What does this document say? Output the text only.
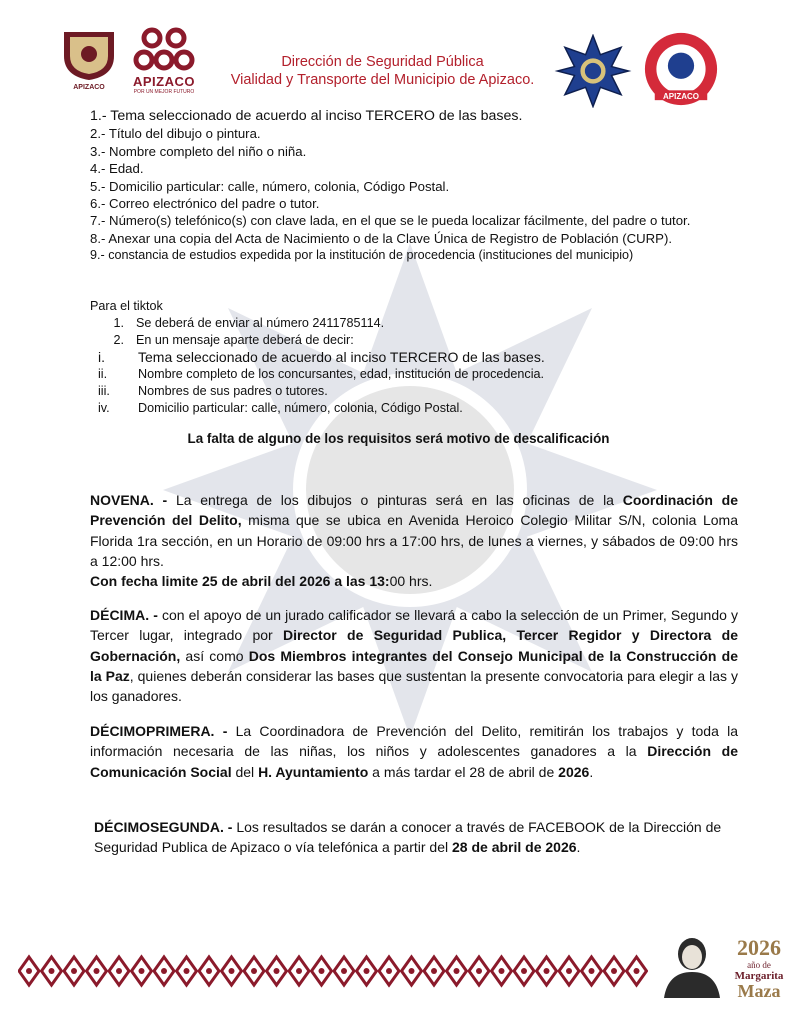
APIZACO	APIZACO
POR UN MEJOR FUTURO
Dirección de Seguridad Pública
Vialidad y Transporte del Municipio de Apizaco.
APIZACO
1.- Tema seleccionado de acuerdo al inciso TERCERO de las bases.
2.- Título del dibujo o pintura.
3.- Nombre completo del niño o niña.
4.- Edad.
5.- Domicilio particular: calle, número, colonia, Código Postal.
6.- Correo electrónico del padre o tutor.
7.- Número(s) telefónico(s) con clave lada, en el que se le pueda localizar fácilmente, del padre o tutor.
8.- Anexar una copia del Acta de Nacimiento o de la Clave Única de Registro de Población (CURP).
9.- constancia de estudios expedida por la institución de procedencia (instituciones del municipio)
Para el tiktok
1. Se deberá de enviar al número 2411785114.
2. En un mensaje aparte deberá de decir:
i.	Tema seleccionado de acuerdo al inciso TERCERO de las bases.
ii.	Nombre completo de los concursantes, edad, institución de procedencia.
iii.	Nombres de sus padres o tutores.
iv.	Domicilio particular: calle, número, colonia, Código Postal.
La falta de alguno de los requisitos será motivo de descalificación
NOVENA. - La entrega de los dibujos o pinturas será en las oficinas de la Coordinación de Prevención del Delito, misma que se ubica en Avenida Heroico Colegio Militar S/N, colonia Loma Florida 1ra sección, en un Horario de 09:00 hrs a 17:00 hrs, de lunes a viernes, y sábados de 09:00 hrs a 12:00 hrs.
Con fecha limite 25 de abril del 2026 a las 13:00 hrs.
DÉCIMA. - con el apoyo de un jurado calificador se llevará a cabo la selección de un Primer, Segundo y Tercer lugar, integrado por Director de Seguridad Publica, Tercer Regidor y Directora de Gobernación, así como Dos Miembros integrantes del Consejo Municipal de la Construcción de la Paz, quienes deberán considerar las bases que sustentan la presente convocatoria para elegir a las y los ganadores.
DÉCIMOPRIMERA. - La Coordinadora de Prevención del Delito, remitirán los trabajos y toda la información necesaria de las niñas, los niños y adolescentes ganadores a la Dirección de Comunicación Social del H. Ayuntamiento a más tardar el 28 de abril de 2026.
DÉCIMOSEGUNDA. - Los resultados se darán a conocer a través de FACEBOOK de la Dirección de Seguridad Publica de Apizaco o vía telefónica a partir del 28 de abril de 2026.
2026
año de
Margarita
Maza
